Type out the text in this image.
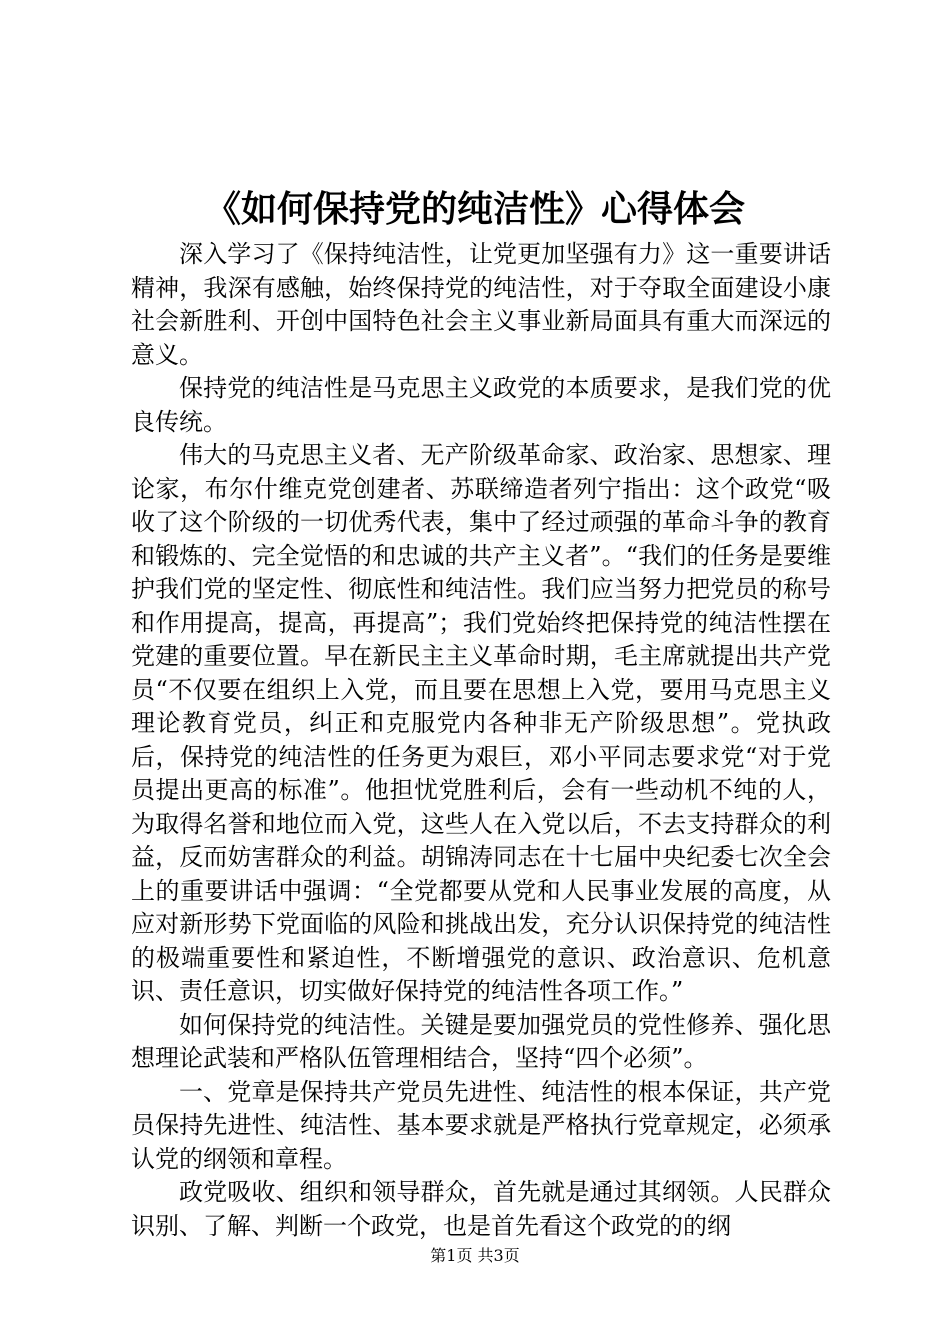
《如何保持党的纯洁性》心得体会

深入学习了《保持纯洁性，让党更加坚强有力》这一重要讲话精神，我深有感触，始终保持党的纯洁性，对于夺取全面建设小康社会新胜利、开创中国特色社会主义事业新局面具有重大而深远的意义。

保持党的纯洁性是马克思主义政党的本质要求，是我们党的优良传统。

伟大的马克思主义者、无产阶级革命家、政治家、思想家、理论家，布尔什维克党创建者、苏联缔造者列宁指出：这个政党“吸收了这个阶级的一切优秀代表，集中了经过顽强的革命斗争的教育和锻炼的、完全觉悟的和忠诚的共产主义者”。“我们的任务是要维护我们党的坚定性、彻底性和纯洁性。我们应当努力把党员的称号和作用提高，提高，再提高”；我们党始终把保持党的纯洁性摆在党建的重要位置。早在新民主主义革命时期，毛主席就提出共产党员“不仅要在组织上入党，而且要在思想上入党，要用马克思主义理论教育党员，纠正和克服党内各种非无产阶级思想”。党执政后，保持党的纯洁性的任务更为艰巨，邓小平同志要求党“对于党员提出更高的标准”。他担忧党胜利后，会有一些动机不纯的人，为取得名誉和地位而入党，这些人在入党以后，不去支持群众的利益，反而妨害群众的利益。胡锦涛同志在十七届中央纪委七次全会上的重要讲话中强调：“全党都要从党和人民事业发展的高度，从应对新形势下党面临的风险和挑战出发，充分认识保持党的纯洁性的极端重要性和紧迫性，不断增强党的意识、政治意识、危机意识、责任意识，切实做好保持党的纯洁性各项工作。”

如何保持党的纯洁性。关键是要加强党员的党性修养、强化思想理论武装和严格队伍管理相结合，坚持“四个必须”。

一、党章是保持共产党员先进性、纯洁性的根本保证，共产党员保持先进性、纯洁性、基本要求就是严格执行党章规定，必须承认党的纲领和章程。

政党吸收、组织和领导群众，首先就是通过其纲领。人民群众识别、了解、判断一个政党，也是首先看这个政党的的纲

第1页 共3页
